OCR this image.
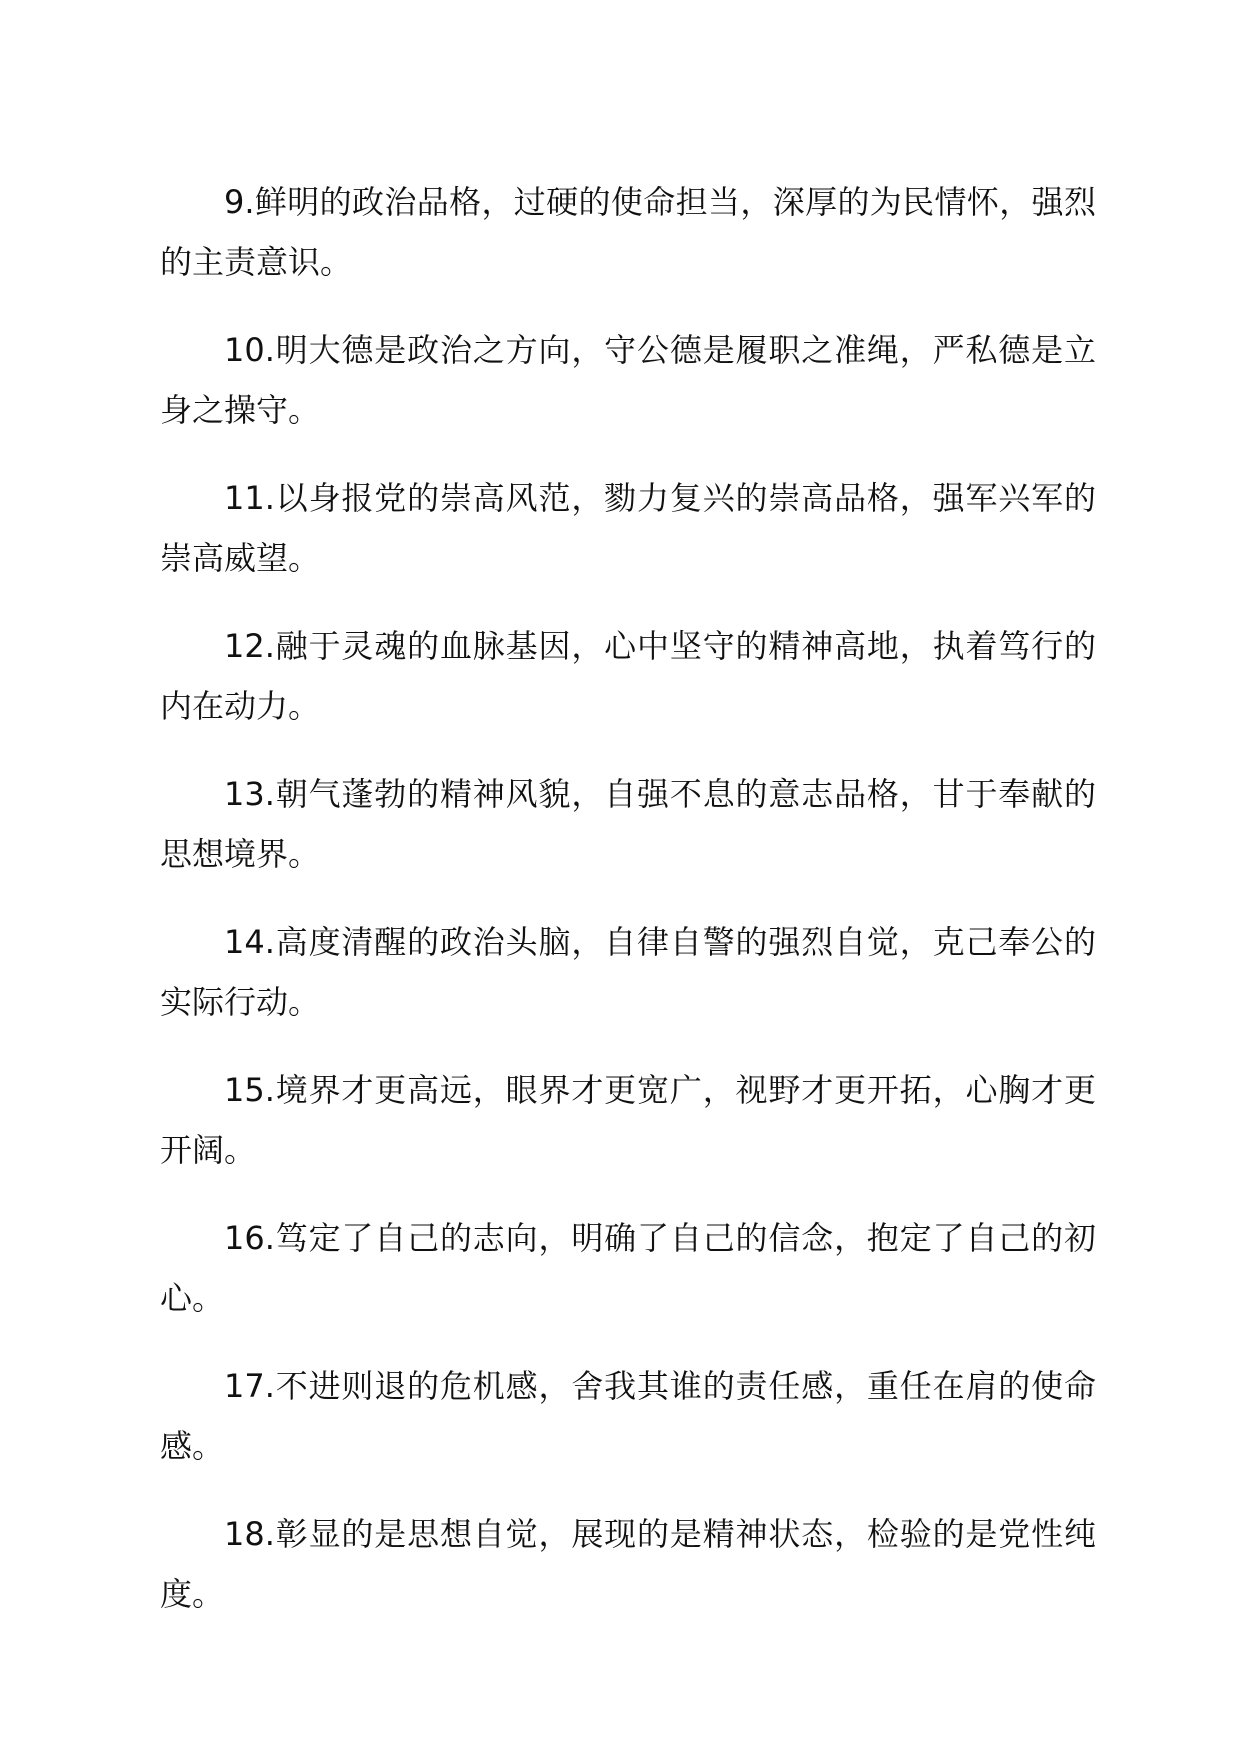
9.鲜明的政治品格，过硬的使命担当，深厚的为民情怀，强烈的主责意识。

10.明大德是政治之方向，守公德是履职之准绳，严私德是立身之操守。

11.以身报党的崇高风范，勠力复兴的崇高品格，强军兴军的崇高威望。

12.融于灵魂的血脉基因，心中坚守的精神高地，执着笃行的内在动力。

13.朝气蓬勃的精神风貌，自强不息的意志品格，甘于奉献的思想境界。

14.高度清醒的政治头脑，自律自警的强烈自觉，克己奉公的实际行动。

15.境界才更高远，眼界才更宽广，视野才更开拓，心胸才更开阔。

16.笃定了自己的志向，明确了自己的信念，抱定了自己的初心。

17.不进则退的危机感，舍我其谁的责任感，重任在肩的使命感。

18.彰显的是思想自觉，展现的是精神状态，检验的是党性纯度。
